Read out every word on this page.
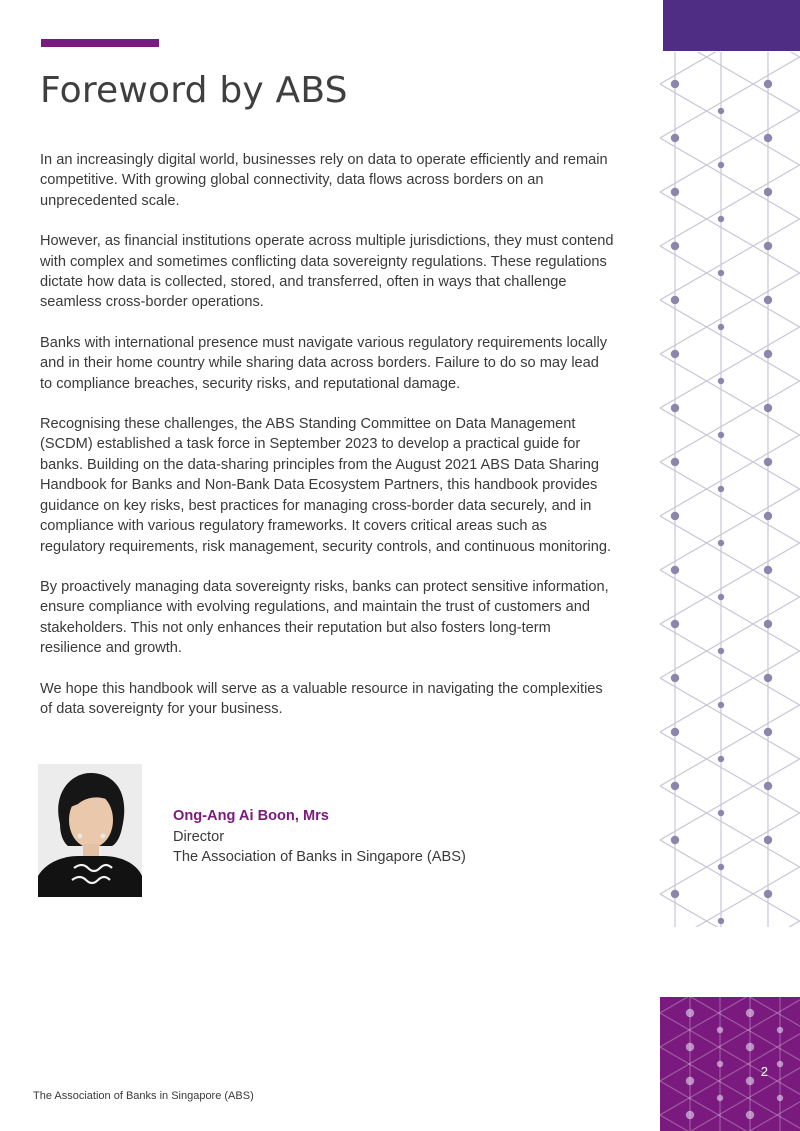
Foreword by ABS

In an increasingly digital world, businesses rely on data to operate efficiently and remain competitive. With growing global connectivity, data flows across borders on an unprecedented scale.

However, as financial institutions operate across multiple jurisdictions, they must contend with complex and sometimes conflicting data sovereignty regulations. These regulations dictate how data is collected, stored, and transferred, often in ways that challenge seamless cross-border operations.

Banks with international presence must navigate various regulatory requirements locally and in their home country while sharing data across borders. Failure to do so may lead to compliance breaches, security risks, and reputational damage.

Recognising these challenges, the ABS Standing Committee on Data Management (SCDM) established a task force in September 2023 to develop a practical guide for banks. Building on the data-sharing principles from the August 2021 ABS Data Sharing Handbook for Banks and Non-Bank Data Ecosystem Partners, this handbook provides guidance on key risks, best practices for managing cross-border data securely, and in compliance with various regulatory frameworks. It covers critical areas such as regulatory requirements, risk management, security controls, and continuous monitoring.

By proactively managing data sovereignty risks, banks can protect sensitive information, ensure compliance with evolving regulations, and maintain the trust of customers and stakeholders. This not only enhances their reputation but also fosters long-term resilience and growth.

We hope this handbook will serve as a valuable resource in navigating the complexities of data sovereignty for your business.

Ong-Ang Ai Boon, Mrs
Director
The Association of Banks in Singapore (ABS)
2
The Association of Banks in Singapore (ABS)
